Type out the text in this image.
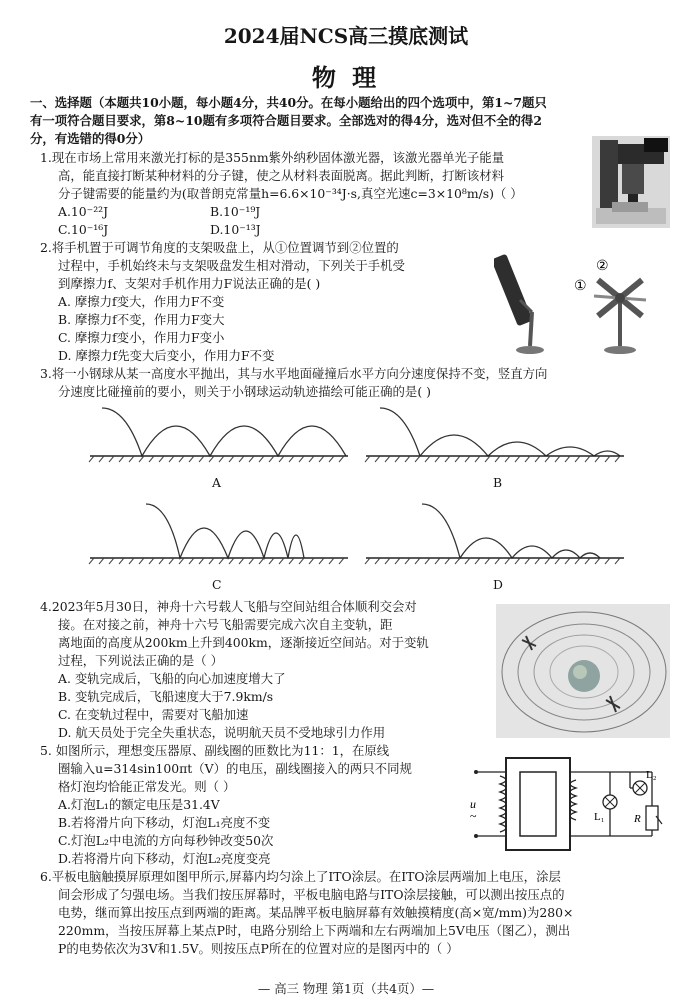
2024届NCS高三摸底测试
物 理
一、选择题（本题共10小题，每小题4分，共40分。在每小题给出的四个选项中，第1~7题只
有一项符合题目要求，第8~10题有多项符合题目要求。全部选对的得4分，选对但不全的得2
分，有选错的得0分）
1.现在市场上常用来激光打标的是355nm紫外纳秒固体激光器，该激光器单光子能量
高，能直接打断某种材料的分子键，使之从材料表面脱离。据此判断，打断该材料
分子键需要的能量约为(取普朗克常量h=6.6×10⁻³⁴J·s,真空光速c=3×10⁸m/s)（ ）
A.10⁻²²J	B.10⁻¹⁹J
C.10⁻¹⁶J	D.10⁻¹³J
2.将手机置于可调节角度的支架吸盘上，从①位置调节到②位置的
过程中，手机始终未与支架吸盘发生相对滑动，下列关于手机受
到摩擦力f、支架对手机作用力F说法正确的是( )
A. 摩擦力f变大，作用力F不变
B. 摩擦力f不变，作用力F变大
C. 摩擦力f变小，作用力F变小
D. 摩擦力f先变大后变小，作用力F不变
②
①
3.将一小钢球从某一高度水平抛出，其与水平地面碰撞后水平方向分速度保持不变，竖直方向
分速度比碰撞前的要小，则关于小钢球运动轨迹描绘可能正确的是( )
A	B
C	D
4.2023年5月30日，神舟十六号载人飞船与空间站组合体顺利交会对
接。在对接之前，神舟十六号飞船需要完成六次自主变轨，距
离地面的高度从200km上升到400km，逐渐接近空间站。对于变轨
过程，下列说法正确的是（ ）
A. 变轨完成后，飞船的向心加速度增大了
B. 变轨完成后，飞船速度大于7.9km/s
C. 在变轨过程中，需要对飞船加速
D. 航天员处于完全失重状态，说明航天员不受地球引力作用
5. 如图所示，理想变压器原、副线圈的匝数比为11：1，在原线
圈输入u=314sin100πt（V）的电压，副线圈接入的两只不同规
格灯泡均恰能正常发光。则（ ）
A.灯泡L₁的额定电压是31.4V
B.若将滑片向下移动，灯泡L₁亮度不变
C.灯泡L₂中电流的方向每秒钟改变50次
D.若将滑片向下移动，灯泡L₂亮度变亮
u
~	L₁
L₂
R
6.平板电脑触摸屏原理如图甲所示,屏幕内均匀涂上了ITO涂层。在ITO涂层两端加上电压，涂层
间会形成了匀强电场。当我们按压屏幕时，平板电脑电路与ITO涂层接触，可以测出按压点的
电势，继而算出按压点到两端的距离。某品牌平板电脑屏幕有效触摸精度(高×宽/mm)为280×
220mm，当按压屏幕上某点P时，电路分别给上下两端和左右两端加上5V电压（图乙），测出
P的电势依次为3V和1.5V。则按压点P所在的位置对应的是图丙中的（ ）
— 高三 物理 第1页（共4页）—
